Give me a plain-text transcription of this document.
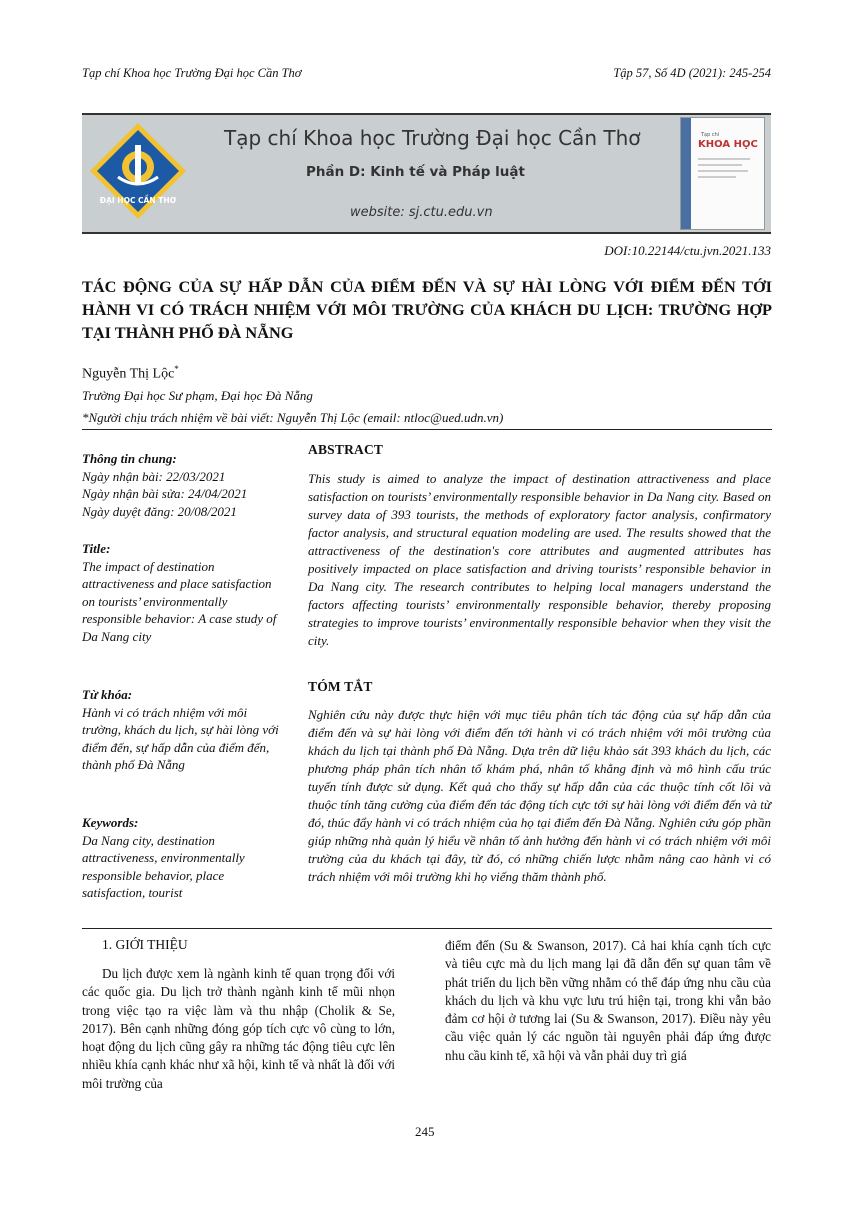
Tạp chí Khoa học Trường Đại học Cần Thơ	Tập 57, Số 4D (2021): 245-254
ĐẠI HỌC CẦN THƠ
Tạp chí Khoa học Trường Đại học Cần Thơ
Phần D: Kinh tế và Pháp luật
website: sj.ctu.edu.vn
Tạp chí
KHOA HỌC
DOI:10.22144/ctu.jvn.2021.133
TÁC ĐỘNG CỦA SỰ HẤP DẪN CỦA ĐIỂM ĐẾN VÀ SỰ HÀI LÒNG VỚI ĐIỂM ĐẾN TỚI HÀNH VI CÓ TRÁCH NHIỆM VỚI MÔI TRƯỜNG CỦA KHÁCH DU LỊCH: TRƯỜNG HỢP TẠI THÀNH PHỐ ĐÀ NẴNG
Nguyễn Thị Lộc*
Trường Đại học Sư phạm, Đại học Đà Nẵng
*Người chịu trách nhiệm về bài viết: Nguyễn Thị Lộc (email: ntloc@ued.udn.vn)
Thông tin chung:
Ngày nhận bài: 22/03/2021
Ngày nhận bài sửa: 24/04/2021
Ngày duyệt đăng: 20/08/2021
Title:
The impact of destination attractiveness and place satisfaction on tourists’ environmentally responsible behavior: A case study of Da Nang city
Từ khóa:
Hành vi có trách nhiệm với môi trường, khách du lịch, sự hài lòng với điểm đến, sự hấp dẫn của điểm đến, thành phố Đà Nẵng
Keywords:
Da Nang city, destination attractiveness, environmentally responsible behavior, place satisfaction, tourist
ABSTRACT
This study is aimed to analyze the impact of destination attractiveness and place satisfaction on tourists’ environmentally responsible behavior in Da Nang city. Based on survey data of 393 tourists, the methods of exploratory factor analysis, confirmatory factor analysis, and structural equation modeling are used. The results showed that the attractiveness of the destination's core attributes and augmented attributes has positively impacted on place satisfaction and driving tourists’ responsible behavior in Da Nang city. The research contributes to helping local managers understand the factors affecting tourists’ environmentally responsible behavior, thereby proposing strategies to improve tourists’ environmentally responsible behavior when they visit the city.
TÓM TẮT
Nghiên cứu này được thực hiện với mục tiêu phân tích tác động của sự hấp dẫn của điểm đến và sự hài lòng với điểm đến tới hành vi có trách nhiệm với môi trường của khách du lịch tại thành phố Đà Nẵng. Dựa trên dữ liệu khảo sát 393 khách du lịch, các phương pháp phân tích nhân tố khám phá, nhân tố khẳng định và mô hình cấu trúc tuyến tính được sử dụng. Kết quả cho thấy sự hấp dẫn của các thuộc tính cốt lõi và thuộc tính tăng cường của điểm đến tác động tích cực tới sự hài lòng với điểm đến và từ đó, thúc đẩy hành vi có trách nhiệm của họ tại điểm đến Đà Nẵng. Nghiên cứu góp phần giúp những nhà quản lý hiểu về nhân tố ảnh hưởng đến hành vi có trách nhiệm với môi trường của du khách tại đây, từ đó, có những chiến lược nhằm nâng cao hành vi có trách nhiệm với môi trường khi họ viếng thăm thành phố.
1. GIỚI THIỆU
Du lịch được xem là ngành kinh tế quan trọng đối với các quốc gia. Du lịch trở thành ngành kinh tế mũi nhọn trong việc tạo ra việc làm và thu nhập (Cholik & Se, 2017). Bên cạnh những đóng góp tích cực vô cùng to lớn, hoạt động du lịch cũng gây ra những tác động tiêu cực lên nhiều khía cạnh khác như xã hội, kinh tế và nhất là đối với môi trường của
điểm đến (Su & Swanson, 2017). Cả hai khía cạnh tích cực và tiêu cực mà du lịch mang lại đã dẫn đến sự quan tâm về phát triển du lịch bền vững nhằm có thể đáp ứng nhu cầu của khách du lịch và khu vực lưu trú hiện tại, trong khi vẫn bảo đảm cơ hội ở tương lai (Su & Swanson, 2017). Điều này yêu cầu việc quản lý các nguồn tài nguyên phải đáp ứng được nhu cầu kinh tế, xã hội và vẫn phải duy trì giá
245
